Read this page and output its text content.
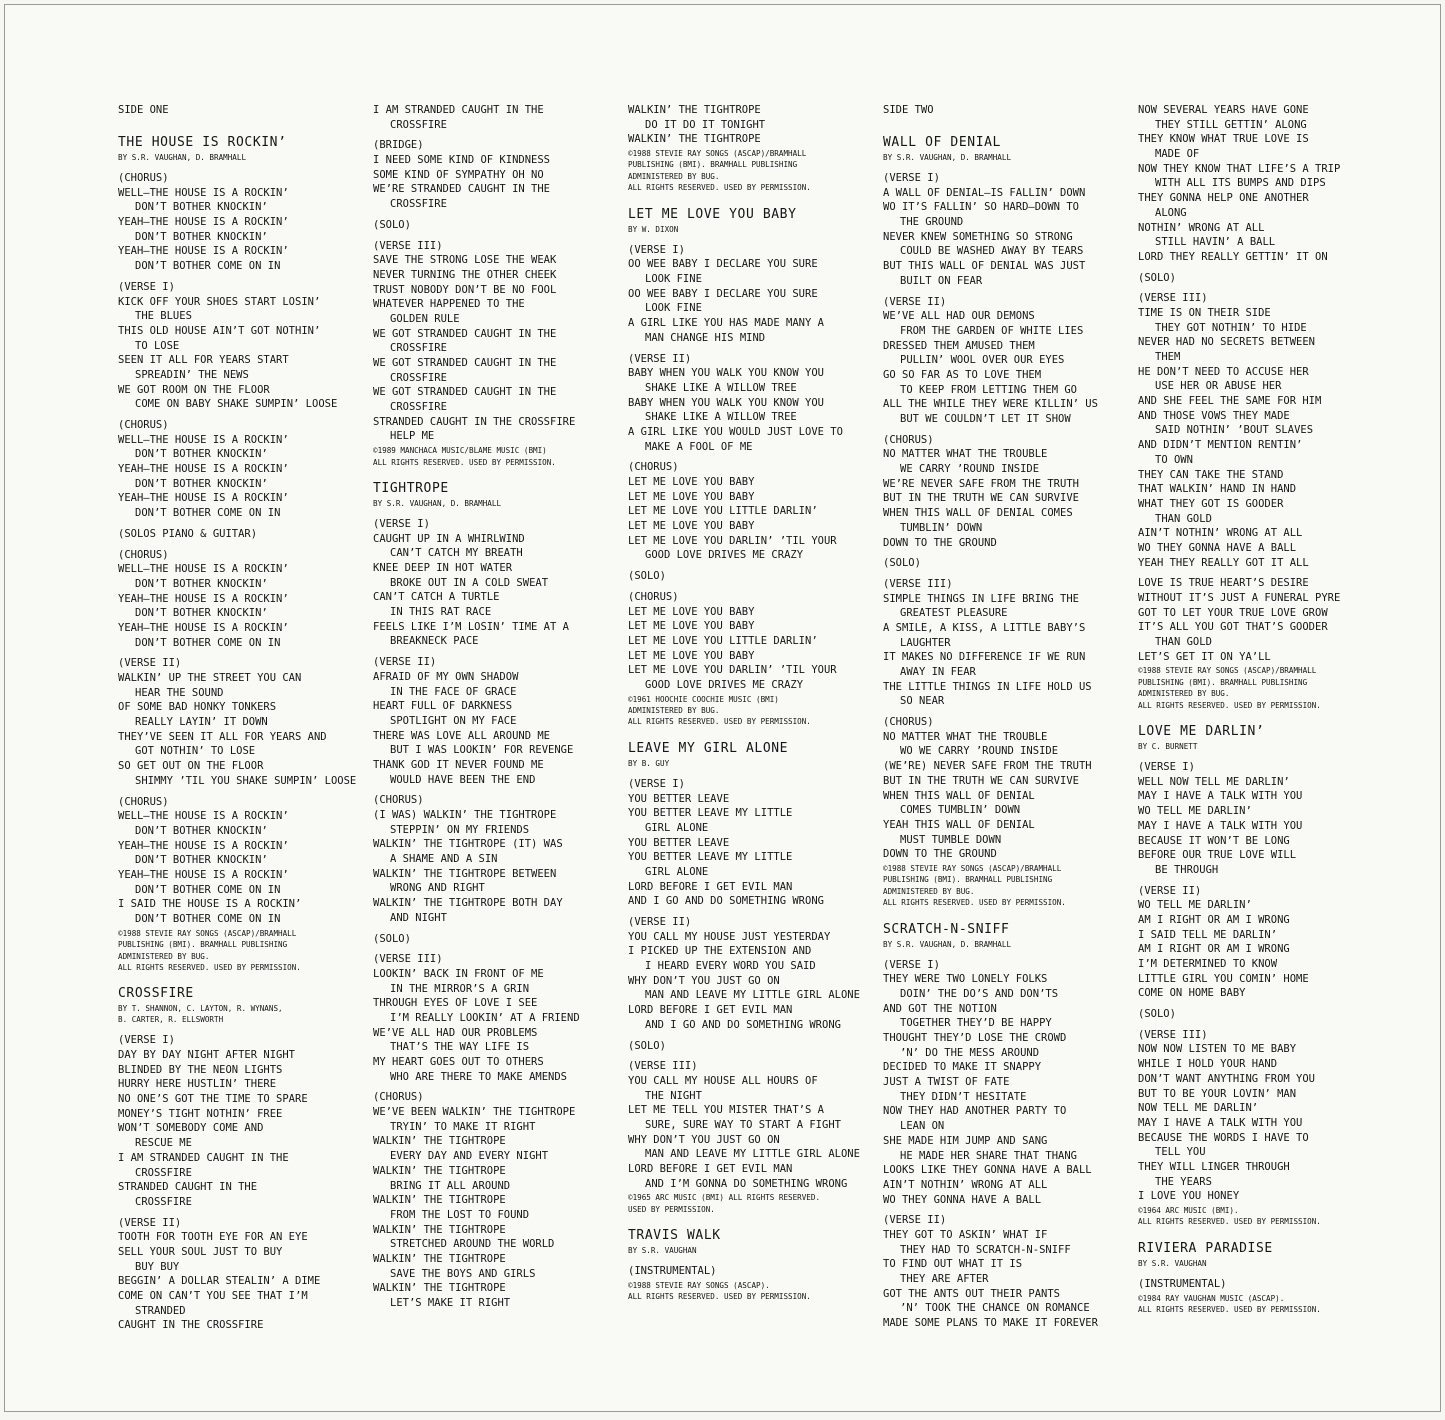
SIDE ONE
THE HOUSE IS ROCKIN’
BY S.R. VAUGHAN, D. BRAMHALL
(CHORUS)
WELL–THE HOUSE IS A ROCKIN’
DON’T BOTHER KNOCKIN’
YEAH–THE HOUSE IS A ROCKIN’
DON’T BOTHER KNOCKIN’
YEAH–THE HOUSE IS A ROCKIN’
DON’T BOTHER COME ON IN
(VERSE I)
KICK OFF YOUR SHOES START LOSIN’
THE BLUES
THIS OLD HOUSE AIN’T GOT NOTHIN’
TO LOSE
SEEN IT ALL FOR YEARS START
SPREADIN’ THE NEWS
WE GOT ROOM ON THE FLOOR
COME ON BABY SHAKE SUMPIN’ LOOSE
(CHORUS)
WELL–THE HOUSE IS A ROCKIN’
DON’T BOTHER KNOCKIN’
YEAH–THE HOUSE IS A ROCKIN’
DON’T BOTHER KNOCKIN’
YEAH–THE HOUSE IS A ROCKIN’
DON’T BOTHER COME ON IN
(SOLOS PIANO & GUITAR)
(CHORUS)
WELL–THE HOUSE IS A ROCKIN’
DON’T BOTHER KNOCKIN’
YEAH–THE HOUSE IS A ROCKIN’
DON’T BOTHER KNOCKIN’
YEAH–THE HOUSE IS A ROCKIN’
DON’T BOTHER COME ON IN
(VERSE II)
WALKIN’ UP THE STREET YOU CAN
HEAR THE SOUND
OF SOME BAD HONKY TONKERS
REALLY LAYIN’ IT DOWN
THEY’VE SEEN IT ALL FOR YEARS AND
GOT NOTHIN’ TO LOSE
SO GET OUT ON THE FLOOR
SHIMMY ’TIL YOU SHAKE SUMPIN’ LOOSE
(CHORUS)
WELL–THE HOUSE IS A ROCKIN’
DON’T BOTHER KNOCKIN’
YEAH–THE HOUSE IS A ROCKIN’
DON’T BOTHER KNOCKIN’
YEAH–THE HOUSE IS A ROCKIN’
DON’T BOTHER COME ON IN
I SAID THE HOUSE IS A ROCKIN’
DON’T BOTHER COME ON IN
©1988 STEVIE RAY SONGS (ASCAP)/BRAMHALL
PUBLISHING (BMI). BRAMHALL PUBLISHING
ADMINISTERED BY BUG.
ALL RIGHTS RESERVED. USED BY PERMISSION.
CROSSFIRE
BY T. SHANNON, C. LAYTON, R. WYNANS,
B. CARTER, R. ELLSWORTH
(VERSE I)
DAY BY DAY NIGHT AFTER NIGHT
BLINDED BY THE NEON LIGHTS
HURRY HERE HUSTLIN’ THERE
NO ONE’S GOT THE TIME TO SPARE
MONEY’S TIGHT NOTHIN’ FREE
WON’T SOMEBODY COME AND
RESCUE ME
I AM STRANDED CAUGHT IN THE
CROSSFIRE
STRANDED CAUGHT IN THE
CROSSFIRE
(VERSE II)
TOOTH FOR TOOTH EYE FOR AN EYE
SELL YOUR SOUL JUST TO BUY
BUY BUY
BEGGIN’ A DOLLAR STEALIN’ A DIME
COME ON CAN’T YOU SEE THAT I’M
STRANDED
CAUGHT IN THE CROSSFIRE
I AM STRANDED CAUGHT IN THE
CROSSFIRE
(BRIDGE)
I NEED SOME KIND OF KINDNESS
SOME KIND OF SYMPATHY OH NO
WE’RE STRANDED CAUGHT IN THE
CROSSFIRE
(SOLO)
(VERSE III)
SAVE THE STRONG LOSE THE WEAK
NEVER TURNING THE OTHER CHEEK
TRUST NOBODY DON’T BE NO FOOL
WHATEVER HAPPENED TO THE
GOLDEN RULE
WE GOT STRANDED CAUGHT IN THE
CROSSFIRE
WE GOT STRANDED CAUGHT IN THE
CROSSFIRE
WE GOT STRANDED CAUGHT IN THE
CROSSFIRE
STRANDED CAUGHT IN THE CROSSFIRE
HELP ME
©1989 MANCHACA MUSIC/BLAME MUSIC (BMI)
ALL RIGHTS RESERVED. USED BY PERMISSION.
TIGHTROPE
BY S.R. VAUGHAN, D. BRAMHALL
(VERSE I)
CAUGHT UP IN A WHIRLWIND
CAN’T CATCH MY BREATH
KNEE DEEP IN HOT WATER
BROKE OUT IN A COLD SWEAT
CAN’T CATCH A TURTLE
IN THIS RAT RACE
FEELS LIKE I’M LOSIN’ TIME AT A
BREAKNECK PACE
(VERSE II)
AFRAID OF MY OWN SHADOW
IN THE FACE OF GRACE
HEART FULL OF DARKNESS
SPOTLIGHT ON MY FACE
THERE WAS LOVE ALL AROUND ME
BUT I WAS LOOKIN’ FOR REVENGE
THANK GOD IT NEVER FOUND ME
WOULD HAVE BEEN THE END
(CHORUS)
(I WAS) WALKIN’ THE TIGHTROPE
STEPPIN’ ON MY FRIENDS
WALKIN’ THE TIGHTROPE (IT) WAS
A SHAME AND A SIN
WALKIN’ THE TIGHTROPE BETWEEN
WRONG AND RIGHT
WALKIN’ THE TIGHTROPE BOTH DAY
AND NIGHT
(SOLO)
(VERSE III)
LOOKIN’ BACK IN FRONT OF ME
IN THE MIRROR’S A GRIN
THROUGH EYES OF LOVE I SEE
I’M REALLY LOOKIN’ AT A FRIEND
WE’VE ALL HAD OUR PROBLEMS
THAT’S THE WAY LIFE IS
MY HEART GOES OUT TO OTHERS
WHO ARE THERE TO MAKE AMENDS
(CHORUS)
WE’VE BEEN WALKIN’ THE TIGHTROPE
TRYIN’ TO MAKE IT RIGHT
WALKIN’ THE TIGHTROPE
EVERY DAY AND EVERY NIGHT
WALKIN’ THE TIGHTROPE
BRING IT ALL AROUND
WALKIN’ THE TIGHTROPE
FROM THE LOST TO FOUND
WALKIN’ THE TIGHTROPE
STRETCHED AROUND THE WORLD
WALKIN’ THE TIGHTROPE
SAVE THE BOYS AND GIRLS
WALKIN’ THE TIGHTROPE
LET’S MAKE IT RIGHT
WALKIN’ THE TIGHTROPE
DO IT DO IT TONIGHT
WALKIN’ THE TIGHTROPE
©1988 STEVIE RAY SONGS (ASCAP)/BRAMHALL
PUBLISHING (BMI). BRAMHALL PUBLISHING
ADMINISTERED BY BUG.
ALL RIGHTS RESERVED. USED BY PERMISSION.
LET ME LOVE YOU BABY
BY W. DIXON
(VERSE I)
OO WEE BABY I DECLARE YOU SURE
LOOK FINE
OO WEE BABY I DECLARE YOU SURE
LOOK FINE
A GIRL LIKE YOU HAS MADE MANY A
MAN CHANGE HIS MIND
(VERSE II)
BABY WHEN YOU WALK YOU KNOW YOU
SHAKE LIKE A WILLOW TREE
BABY WHEN YOU WALK YOU KNOW YOU
SHAKE LIKE A WILLOW TREE
A GIRL LIKE YOU WOULD JUST LOVE TO
MAKE A FOOL OF ME
(CHORUS)
LET ME LOVE YOU BABY
LET ME LOVE YOU BABY
LET ME LOVE YOU LITTLE DARLIN’
LET ME LOVE YOU BABY
LET ME LOVE YOU DARLIN’ ’TIL YOUR
GOOD LOVE DRIVES ME CRAZY
(SOLO)
(CHORUS)
LET ME LOVE YOU BABY
LET ME LOVE YOU BABY
LET ME LOVE YOU LITTLE DARLIN’
LET ME LOVE YOU BABY
LET ME LOVE YOU DARLIN’ ’TIL YOUR
GOOD LOVE DRIVES ME CRAZY
©1961 HOOCHIE COOCHIE MUSIC (BMI)
ADMINISTERED BY BUG.
ALL RIGHTS RESERVED. USED BY PERMISSION.
LEAVE MY GIRL ALONE
BY B. GUY
(VERSE I)
YOU BETTER LEAVE
YOU BETTER LEAVE MY LITTLE
GIRL ALONE
YOU BETTER LEAVE
YOU BETTER LEAVE MY LITTLE
GIRL ALONE
LORD BEFORE I GET EVIL MAN
AND I GO AND DO SOMETHING WRONG
(VERSE II)
YOU CALL MY HOUSE JUST YESTERDAY
I PICKED UP THE EXTENSION AND
I HEARD EVERY WORD YOU SAID
WHY DON’T YOU JUST GO ON
MAN AND LEAVE MY LITTLE GIRL ALONE
LORD BEFORE I GET EVIL MAN
AND I GO AND DO SOMETHING WRONG
(SOLO)
(VERSE III)
YOU CALL MY HOUSE ALL HOURS OF
THE NIGHT
LET ME TELL YOU MISTER THAT’S A
SURE, SURE WAY TO START A FIGHT
WHY DON’T YOU JUST GO ON
MAN AND LEAVE MY LITTLE GIRL ALONE
LORD BEFORE I GET EVIL MAN
AND I’M GONNA DO SOMETHING WRONG
©1965 ARC MUSIC (BMI) ALL RIGHTS RESERVED.
USED BY PERMISSION.
TRAVIS WALK
BY S.R. VAUGHAN
(INSTRUMENTAL)
©1988 STEVIE RAY SONGS (ASCAP).
ALL RIGHTS RESERVED. USED BY PERMISSION.
SIDE TWO
WALL OF DENIAL
BY S.R. VAUGHAN, D. BRAMHALL
(VERSE I)
A WALL OF DENIAL–IS FALLIN’ DOWN
WO IT’S FALLIN’ SO HARD–DOWN TO
THE GROUND
NEVER KNEW SOMETHING SO STRONG
COULD BE WASHED AWAY BY TEARS
BUT THIS WALL OF DENIAL WAS JUST
BUILT ON FEAR
(VERSE II)
WE’VE ALL HAD OUR DEMONS
FROM THE GARDEN OF WHITE LIES
DRESSED THEM AMUSED THEM
PULLIN’ WOOL OVER OUR EYES
GO SO FAR AS TO LOVE THEM
TO KEEP FROM LETTING THEM GO
ALL THE WHILE THEY WERE KILLIN’ US
BUT WE COULDN’T LET IT SHOW
(CHORUS)
NO MATTER WHAT THE TROUBLE
WE CARRY ’ROUND INSIDE
WE’RE NEVER SAFE FROM THE TRUTH
BUT IN THE TRUTH WE CAN SURVIVE
WHEN THIS WALL OF DENIAL COMES
TUMBLIN’ DOWN
DOWN TO THE GROUND
(SOLO)
(VERSE III)
SIMPLE THINGS IN LIFE BRING THE
GREATEST PLEASURE
A SMILE, A KISS, A LITTLE BABY’S
LAUGHTER
IT MAKES NO DIFFERENCE IF WE RUN
AWAY IN FEAR
THE LITTLE THINGS IN LIFE HOLD US
SO NEAR
(CHORUS)
NO MATTER WHAT THE TROUBLE
WO WE CARRY ’ROUND INSIDE
(WE’RE) NEVER SAFE FROM THE TRUTH
BUT IN THE TRUTH WE CAN SURVIVE
WHEN THIS WALL OF DENIAL
COMES TUMBLIN’ DOWN
YEAH THIS WALL OF DENIAL
MUST TUMBLE DOWN
DOWN TO THE GROUND
©1988 STEVIE RAY SONGS (ASCAP)/BRAMHALL
PUBLISHING (BMI). BRAMHALL PUBLISHING
ADMINISTERED BY BUG.
ALL RIGHTS RESERVED. USED BY PERMISSION.
SCRATCH-N-SNIFF
BY S.R. VAUGHAN, D. BRAMHALL
(VERSE I)
THEY WERE TWO LONELY FOLKS
DOIN’ THE DO’S AND DON’TS
AND GOT THE NOTION
TOGETHER THEY’D BE HAPPY
THOUGHT THEY’D LOSE THE CROWD
’N’ DO THE MESS AROUND
DECIDED TO MAKE IT SNAPPY
JUST A TWIST OF FATE
THEY DIDN’T HESITATE
NOW THEY HAD ANOTHER PARTY TO
LEAN ON
SHE MADE HIM JUMP AND SANG
HE MADE HER SHARE THAT THANG
LOOKS LIKE THEY GONNA HAVE A BALL
AIN’T NOTHIN’ WRONG AT ALL
WO THEY GONNA HAVE A BALL
(VERSE II)
THEY GOT TO ASKIN’ WHAT IF
THEY HAD TO SCRATCH-N-SNIFF
TO FIND OUT WHAT IT IS
THEY ARE AFTER
GOT THE ANTS OUT THEIR PANTS
’N’ TOOK THE CHANCE ON ROMANCE
MADE SOME PLANS TO MAKE IT FOREVER
NOW SEVERAL YEARS HAVE GONE
THEY STILL GETTIN’ ALONG
THEY KNOW WHAT TRUE LOVE IS
MADE OF
NOW THEY KNOW THAT LIFE’S A TRIP
WITH ALL ITS BUMPS AND DIPS
THEY GONNA HELP ONE ANOTHER
ALONG
NOTHIN’ WRONG AT ALL
STILL HAVIN’ A BALL
LORD THEY REALLY GETTIN’ IT ON
(SOLO)
(VERSE III)
TIME IS ON THEIR SIDE
THEY GOT NOTHIN’ TO HIDE
NEVER HAD NO SECRETS BETWEEN
THEM
HE DON’T NEED TO ACCUSE HER
USE HER OR ABUSE HER
AND SHE FEEL THE SAME FOR HIM
AND THOSE VOWS THEY MADE
SAID NOTHIN’ ’BOUT SLAVES
AND DIDN’T MENTION RENTIN’
TO OWN
THEY CAN TAKE THE STAND
THAT WALKIN’ HAND IN HAND
WHAT THEY GOT IS GOODER
THAN GOLD
AIN’T NOTHIN’ WRONG AT ALL
WO THEY GONNA HAVE A BALL
YEAH THEY REALLY GOT IT ALL
LOVE IS TRUE HEART’S DESIRE
WITHOUT IT’S JUST A FUNERAL PYRE
GOT TO LET YOUR TRUE LOVE GROW
IT’S ALL YOU GOT THAT’S GOODER
THAN GOLD
LET’S GET IT ON YA’LL
©1988 STEVIE RAY SONGS (ASCAP)/BRAMHALL
PUBLISHING (BMI). BRAMHALL PUBLISHING
ADMINISTERED BY BUG.
ALL RIGHTS RESERVED. USED BY PERMISSION.
LOVE ME DARLIN’
BY C. BURNETT
(VERSE I)
WELL NOW TELL ME DARLIN’
MAY I HAVE A TALK WITH YOU
WO TELL ME DARLIN’
MAY I HAVE A TALK WITH YOU
BECAUSE IT WON’T BE LONG
BEFORE OUR TRUE LOVE WILL
BE THROUGH
(VERSE II)
WO TELL ME DARLIN’
AM I RIGHT OR AM I WRONG
I SAID TELL ME DARLIN’
AM I RIGHT OR AM I WRONG
I’M DETERMINED TO KNOW
LITTLE GIRL YOU COMIN’ HOME
COME ON HOME BABY
(SOLO)
(VERSE III)
NOW NOW LISTEN TO ME BABY
WHILE I HOLD YOUR HAND
DON’T WANT ANYTHING FROM YOU
BUT TO BE YOUR LOVIN’ MAN
NOW TELL ME DARLIN’
MAY I HAVE A TALK WITH YOU
BECAUSE THE WORDS I HAVE TO
TELL YOU
THEY WILL LINGER THROUGH
THE YEARS
I LOVE YOU HONEY
©1964 ARC MUSIC (BMI).
ALL RIGHTS RESERVED. USED BY PERMISSION.
RIVIERA PARADISE
BY S.R. VAUGHAN
(INSTRUMENTAL)
©1984 RAY VAUGHAN MUSIC (ASCAP).
ALL RIGHTS RESERVED. USED BY PERMISSION.
